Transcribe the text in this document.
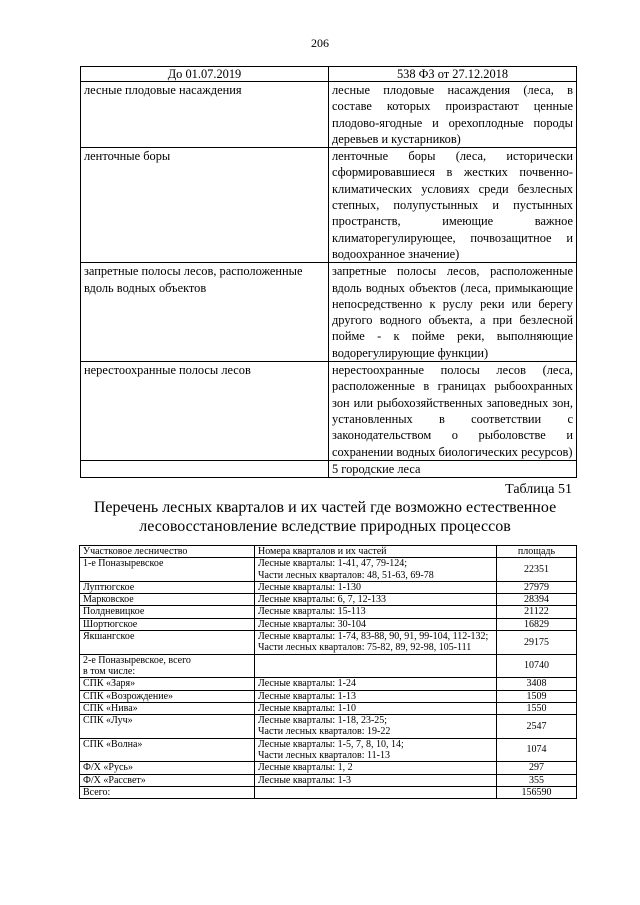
206
До 01.07.2019	538 ФЗ от 27.12.2018
лесные плодовые насаждения	лесные плодовые насаждения (леса, в составе которых произрастают ценные плодово-ягодные и орехоплодные породы деревьев и кустарников)
ленточные боры	ленточные боры (леса, исторически сформировавшиеся в жестких почвенно-климатических условиях среди безлесных степных, полупустынных и пустынных пространств, имеющие важное климаторегулирующее, почвозащитное и водоохранное значение)
запретные полосы лесов, расположенные вдоль водных объектов	запретные полосы лесов, расположенные вдоль водных объектов (леса, примыкающие непосредственно к руслу реки или берегу другого водного объекта, а при безлесной пойме - к пойме реки, выполняющие водорегулирующие функции)
нерестоохранные полосы лесов	нерестоохранные полосы лесов (леса, расположенные в границах рыбоохранных зон или рыбохозяйственных заповедных зон, установленных в соответствии с законодательством о рыболовстве и сохранении водных биологических ресурсов)
	5 городские леса
Таблица 51
Перечень лесных кварталов и их частей где возможно естественное лесовосстановление вследствие природных процессов
Участковое лесничество	Номера кварталов и их частей	площадь
1-е Поназыревское	Лесные кварталы: 1-41, 47, 79-124;
Части лесных кварталов: 48, 51-63, 69-78	22351
Луптюгское	Лесные кварталы: 1-130	27979
Марковское	Лесные кварталы: 6, 7, 12-133	28394
Полдневицкое	Лесные кварталы: 15-113	21122
Шортюгское	Лесные кварталы: 30-104	16829
Якшангское	Лесные кварталы: 1-74, 83-88, 90, 91, 99-104, 112-132;
Части лесных кварталов: 75-82, 89, 92-98, 105-111	29175
2-е Поназыревское, всего
в том числе:		10740
СПК «Заря»	Лесные кварталы: 1-24	3408
СПК «Возрождение»	Лесные кварталы: 1-13	1509
СПК «Нива»	Лесные кварталы: 1-10	1550
СПК «Луч»	Лесные кварталы: 1-18, 23-25;
Части лесных кварталов: 19-22	2547
СПК «Волна»	Лесные кварталы: 1-5, 7, 8, 10, 14;
Части лесных кварталов: 11-13	1074
Ф/Х «Русь»	Лесные кварталы: 1, 2	297
Ф/Х «Рассвет»	Лесные кварталы: 1-3	355
Всего:		156590
